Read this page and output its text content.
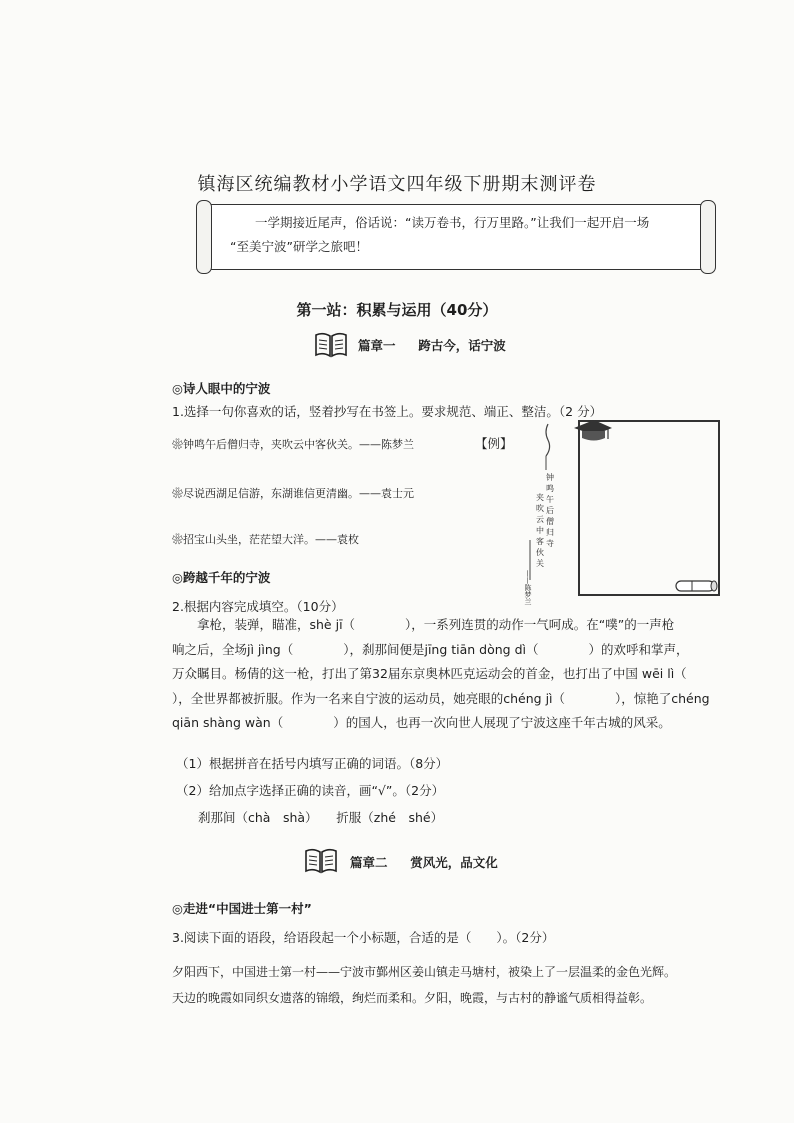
镇海区统编教材小学语文四年级下册期末测评卷
一学期接近尾声，俗话说：“读万卷书，行万里路。”让我们一起开启一场
“至美宁波”研学之旅吧！
第一站：积累与运用（40分）
篇章一 跨古今，话宁波
◎诗人眼中的宁波
1.选择一句你喜欢的话，竖着抄写在书签上。要求规范、端正、整洁。（2 分）
❀钟鸣午后僧归寺，夹吹云中客伙关。——陈梦兰	【例】
❀尽说西湖足信游，东湖谁信更清幽。——袁士元
❀招宝山头坐，茫茫望大洋。——袁枚
钟
鸣
午
后
僧
归
寺
夹
吹
云
中
客
伙
关
——陈梦兰
◎跨越千年的宁波
2.根据内容完成填空。（10分）

拿枪，装弹，瞄准，shè jī（　　　　），一系列连贯的动作一气呵成。在“噗”的一声枪

响之后，全场jì jìng（　　　　），刹那间便是jīng tiān dòng dì（　　　　）的欢呼和掌声，

万众瞩目。杨倩的这一枪，打出了第32届东京奥林匹克运动会的首金，也打出了中国 wēi lì（

），全世界都被折服。作为一名来自宁波的运动员，她亮眼的chéng jì（　　　　），惊艳了chéng

qiān shàng wàn（　　　　）的国人，也再一次向世人展现了宁波这座千年古城的风采。

（1）根据拼音在括号内填写正确的词语。（8分）
（2）给加点字选择正确的读音，画“√”。（2分）
刹那间（chà　shà）　　折服（zhé　shé）
篇章二 赏风光，品文化
◎走进“中国进士第一村”
3.阅读下面的语段，给语段起一个小标题，合适的是（　　）。（2分）
夕阳西下，中国进士第一村——宁波市鄞州区姜山镇走马塘村，被染上了一层温柔的金色光辉。
天边的晚霞如同织女遗落的锦缎，绚烂而柔和。夕阳，晚霞，与古村的静谧气质相得益彰。
